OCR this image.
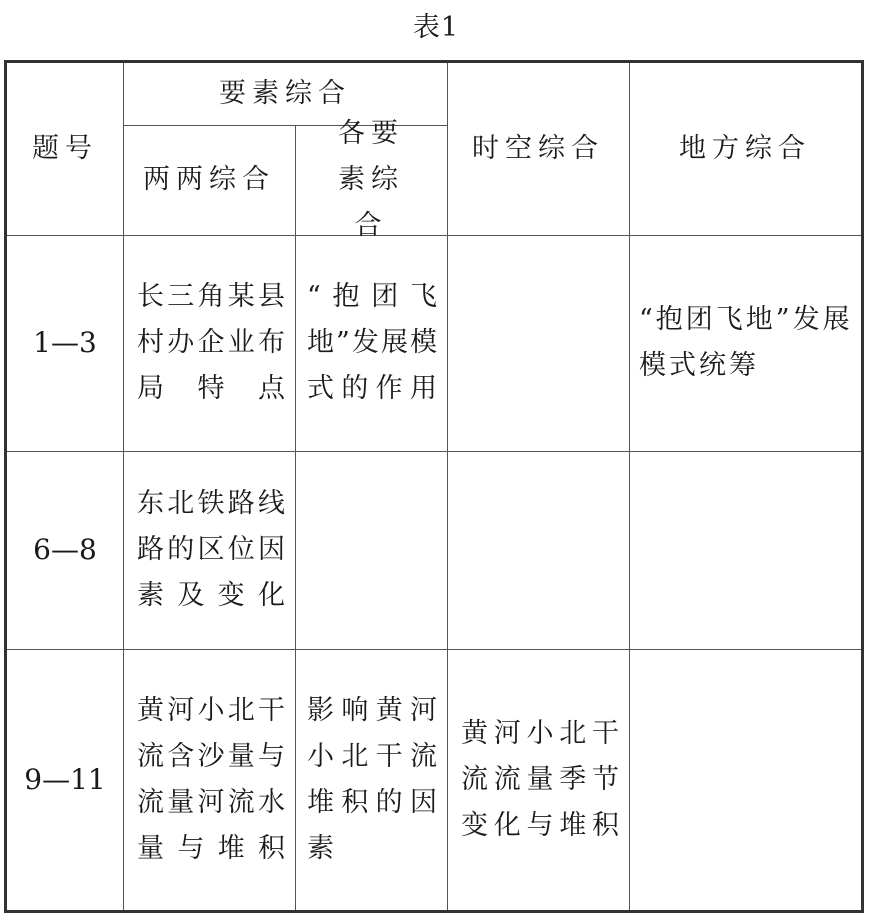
表1
题号
要素综合
两两综合
各要素综合
时空综合	地方综合
1—3
长三角某县村办企业布局特点
“抱团飞地”发展模式的作用
“抱团飞地”发展模式统筹
6—8
东北铁路线路的区位因素及变化
9—11
黄河小北干流含沙量与流量河流水量与堆积
影响黄河小北干流堆积的因素
黄河小北干流流量季节变化与堆积
